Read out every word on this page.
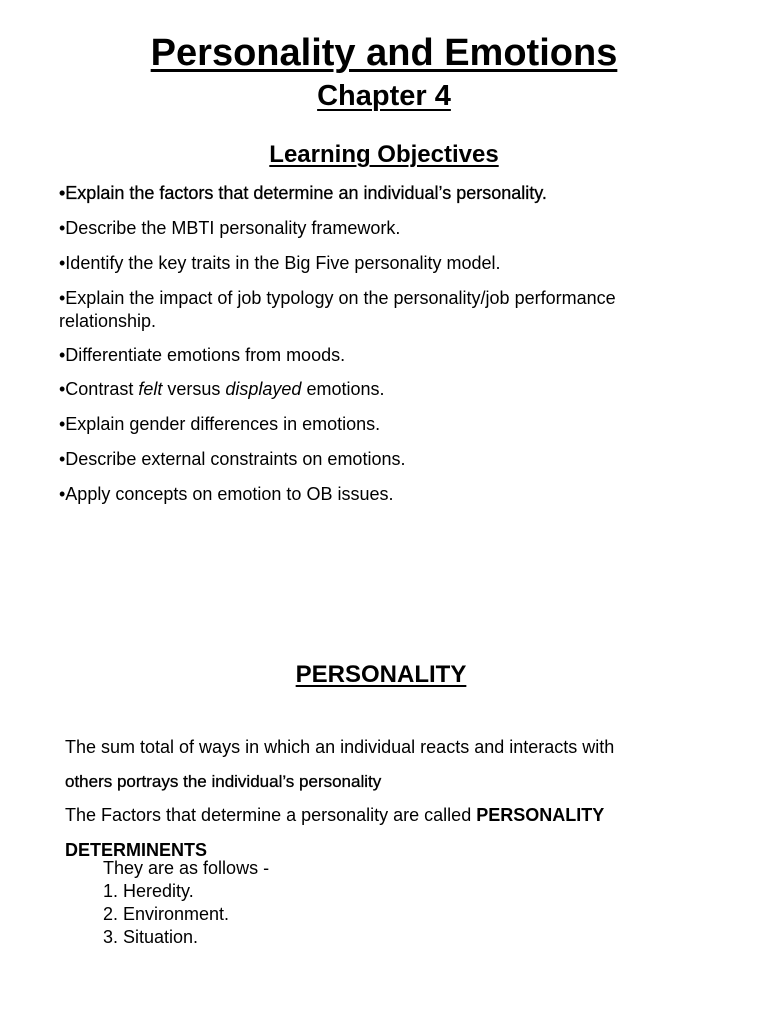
Personality and Emotions
Chapter 4
Learning Objectives

•Explain the factors that determine an individual’s personality.

•Describe the MBTI personality framework.

•Identify the key traits in the Big Five personality model.

•Explain the impact of job typology on the personality/job performance relationship.

•Differentiate emotions from moods.

•Contrast felt versus displayed emotions.

•Explain gender differences in emotions.

•Describe external constraints on emotions.

•Apply concepts on emotion to OB issues.

PERSONALITY

The sum total of ways in which an individual reacts and interacts with

others portrays the individual’s personality

The Factors that determine a personality are called PERSONALITY

DETERMINENTS

They are as follows -
1. Heredity.
2. Environment.
3. Situation.
